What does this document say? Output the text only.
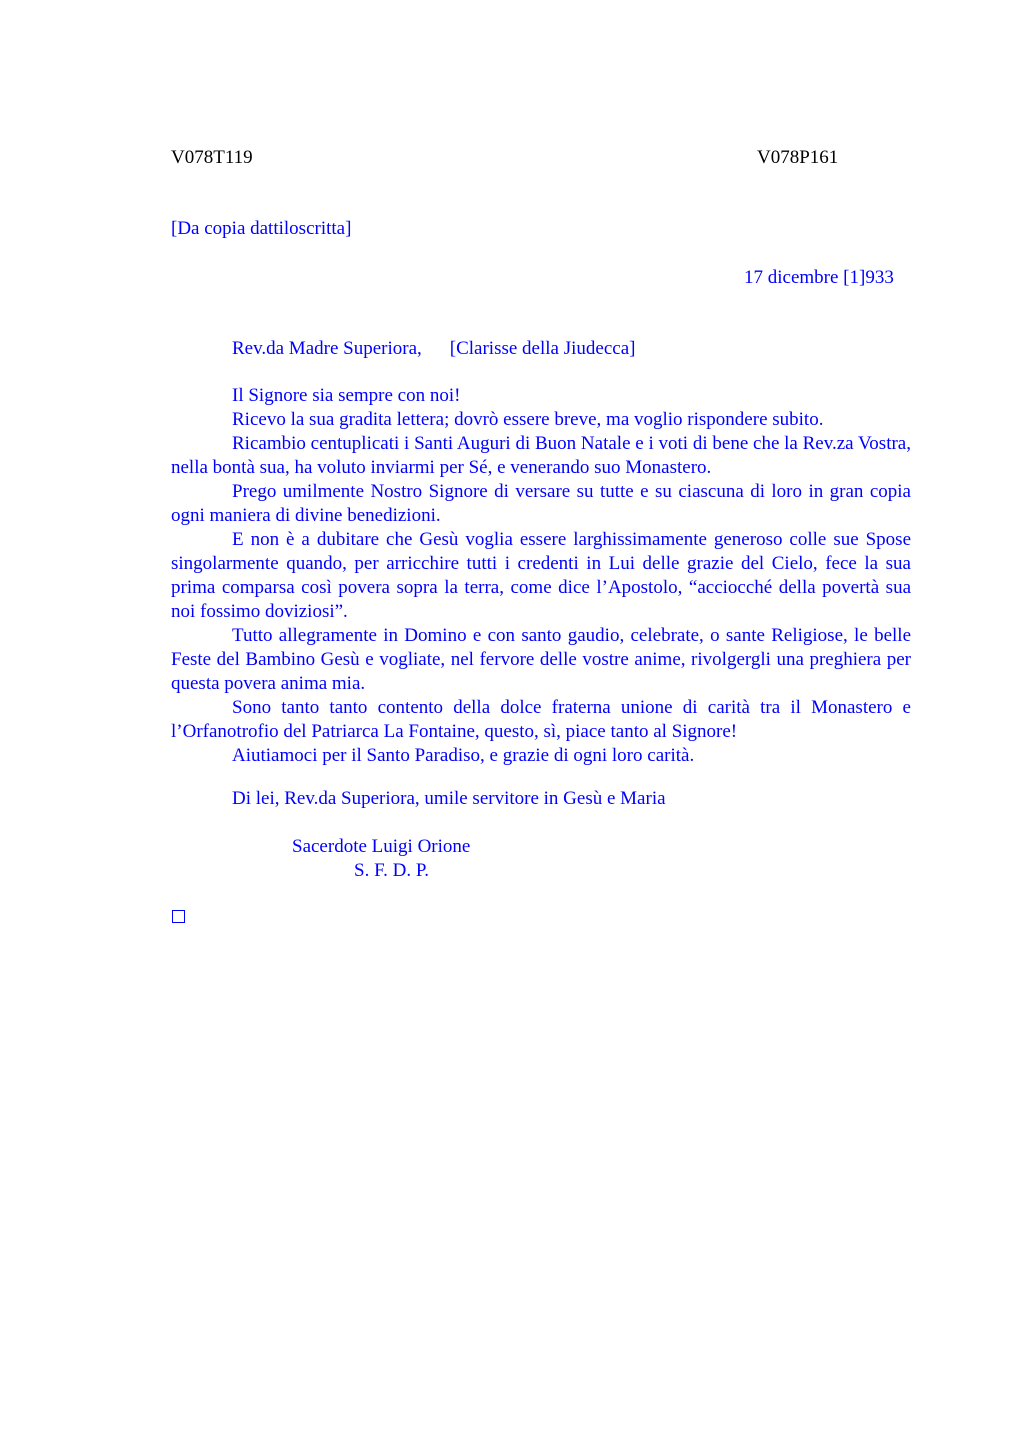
V078T119	V078P161
[Da copia dattiloscritta]
17 dicembre [1]933
Rev.da Madre Superiora, [Clarisse della Jiudecca]

Il Signore sia sempre con noi!

Ricevo la sua gradita lettera; dovrò essere breve, ma voglio rispondere subito.

Ricambio centuplicati i Santi Auguri di Buon Natale e i voti di bene che la Rev.za Vostra, nella bontà sua, ha voluto inviarmi per Sé, e venerando suo Monastero.

Prego umilmente Nostro Signore di versare su tutte e su ciascuna di loro in gran copia ogni maniera di divine benedizioni.

E non è a dubitare che Gesù voglia essere larghissimamente generoso colle sue Spose singolarmente quando, per arricchire tutti i credenti in Lui delle grazie del Cielo, fece la sua prima comparsa così povera sopra la terra, come dice l’Apostolo, “acciocché della povertà sua noi fossimo doviziosi”.

Tutto allegramente in Domino e con santo gaudio, celebrate, o sante Religiose, le belle Feste del Bambino Gesù e vogliate, nel fervore delle vostre anime, rivolgergli una preghiera per questa povera anima mia.

Sono tanto tanto contento della dolce fraterna unione di carità tra il Monastero e l’Orfanotrofio del Patriarca La Fontaine, questo, sì, piace tanto al Signore!

Aiutiamoci per il Santo Paradiso, e grazie di ogni loro carità.

Di lei, Rev.da Superiora, umile servitore in Gesù e Maria
Sacerdote Luigi Orione
S. F. D. P.
